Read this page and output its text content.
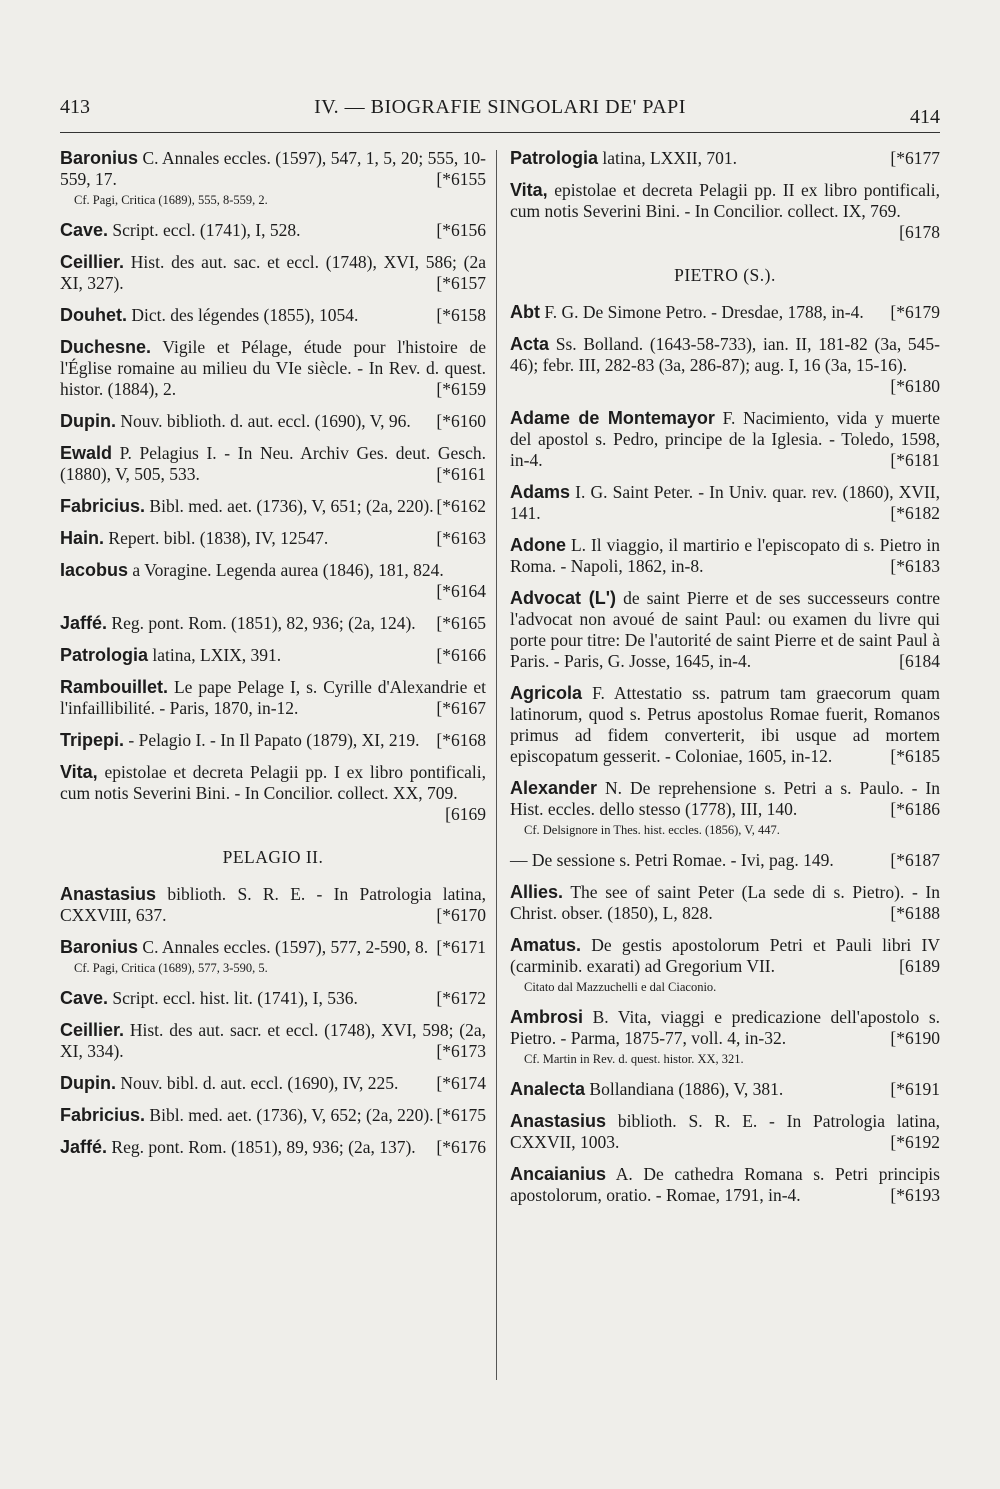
413	IV. — BIOGRAFIE SINGOLARI DE' PAPI	414
Baronius C. Annales eccles. (1597), 547, 1, 5, 20; 555, 10-559, 17.	[*6155
Cf. Pagi, Critica (1689), 555, 8-559, 2.
Cave. Script. eccl. (1741), I, 528.	[*6156
Ceillier. Hist. des aut. sac. et eccl. (1748), XVI, 586; (2a XI, 327).	[*6157
Douhet. Dict. des légendes (1855), 1054.	[*6158
Duchesne. Vigile et Pélage, étude pour l'histoire de l'Église romaine au milieu du VIe siècle. - In Rev. d. quest. histor. (1884), 2.	[*6159
Dupin. Nouv. biblioth. d. aut. eccl. (1690), V, 96. [*6160
Ewald P. Pelagius I. - In Neu. Archiv Ges. deut. Gesch. (1880), V, 505, 533.	[*6161
Fabricius. Bibl. med. aet. (1736), V, 651; (2a, 220). [*6162
Hain. Repert. bibl. (1838), IV, 12547.	[*6163
Iacobus a Voragine. Legenda aurea (1846), 181, 824.
[*6164
Jaffé. Reg. pont. Rom. (1851), 82, 936; (2a, 124). [*6165
Patrologia latina, LXIX, 391.	[*6166
Rambouillet. Le pape Pelage I, s. Cyrille d'Alexandrie et l'infaillibilité. - Paris, 1870, in-12.	[*6167
Tripepi. - Pelagio I. - In Il Papato (1879), XI, 219. [*6168
Vita, epistolae et decreta Pelagii pp. I ex libro pontificali, cum notis Severini Bini. - In Concilior. collect. XX, 709.
[6169
PELAGIO II.
Anastasius biblioth. S. R. E. - In Patrologia latina, CXXVIII, 637.	[*6170
Baronius C. Annales eccles. (1597), 577, 2-590, 8. [*6171
Cf. Pagi, Critica (1689), 577, 3-590, 5.
Cave. Script. eccl. hist. lit. (1741), I, 536.	[*6172
Ceillier. Hist. des aut. sacr. et eccl. (1748), XVI, 598; (2a, XI, 334).	[*6173
Dupin. Nouv. bibl. d. aut. eccl. (1690), IV, 225. [*6174
Fabricius. Bibl. med. aet. (1736), V, 652; (2a, 220). [*6175
Jaffé. Reg. pont. Rom. (1851), 89, 936; (2a, 137). [*6176
Patrologia latina, LXXII, 701.	[*6177
Vita, epistolae et decreta Pelagii pp. II ex libro pontificali, cum notis Severini Bini. - In Concilior. collect. IX, 769.
[6178
PIETRO (S.).
Abt F. G. De Simone Petro. - Dresdae, 1788, in-4. [*6179
Acta Ss. Bolland. (1643-58-733), ian. II, 181-82 (3a, 545-46); febr. III, 282-83 (3a, 286-87); aug. I, 16 (3a, 15-16).
[*6180
Adame de Montemayor F. Nacimiento, vida y muerte del apostol s. Pedro, principe de la Iglesia. - Toledo, 1598, in-4.	[*6181
Adams I. G. Saint Peter. - In Univ. quar. rev. (1860), XVII, 141.	[*6182
Adone L. Il viaggio, il martirio e l'episcopato di s. Pietro in Roma. - Napoli, 1862, in-8.	[*6183
Advocat (L') de saint Pierre et de ses successeurs contre l'advocat non avoué de saint Paul: ou examen du livre qui porte pour titre: De l'autorité de saint Pierre et de saint Paul à Paris. - Paris, G. Josse, 1645, in-4.	[6184
Agricola F. Attestatio ss. patrum tam graecorum quam latinorum, quod s. Petrus apostolus Romae fuerit, Romanos primus ad fidem converterit, ibi usque ad mortem episcopatum gesserit. - Coloniae, 1605, in-12.	[*6185
Alexander N. De reprehensione s. Petri a s. Paulo. - In Hist. eccles. dello stesso (1778), III, 140.	[*6186
Cf. Delsignore in Thes. hist. eccles. (1856), V, 447.
— De sessione s. Petri Romae. - Ivi, pag. 149.	[*6187
Allies. The see of saint Peter (La sede di s. Pietro). - In Christ. obser. (1850), L, 828.	[*6188
Amatus. De gestis apostolorum Petri et Pauli libri IV (carminib. exarati) ad Gregorium VII.	[6189
Citato dal Mazzuchelli e dal Ciaconio.
Ambrosi B. Vita, viaggi e predicazione dell'apostolo s. Pietro. - Parma, 1875-77, voll. 4, in-32.	[*6190
Cf. Martin in Rev. d. quest. histor. XX, 321.
Analecta Bollandiana (1886), V, 381.	[*6191
Anastasius biblioth. S. R. E. - In Patrologia latina, CXXVII, 1003.	[*6192
Ancaianius A. De cathedra Romana s. Petri principis apostolorum, oratio. - Romae, 1791, in-4.	[*6193
